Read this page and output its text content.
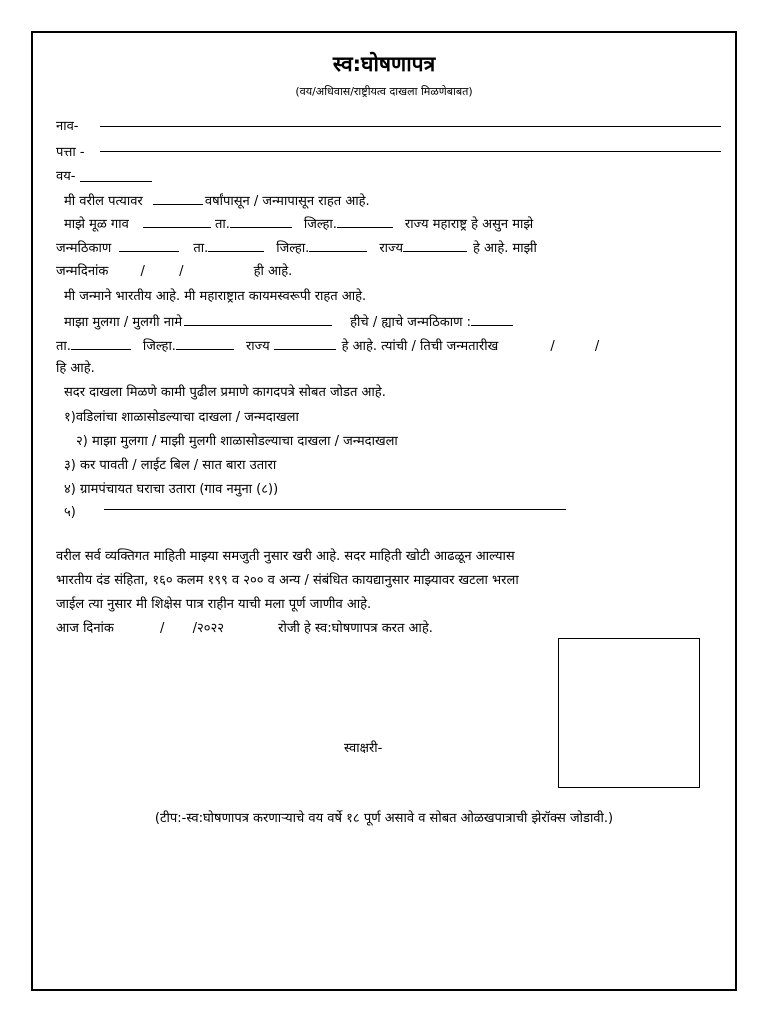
स्व:घोषणापत्र
(वय/अधिवास/राष्ट्रीयत्व दाखला मिळणेबाबत)
नाव-
पत्ता -
वय-
मी वरील पत्यावर	वर्षांपासून / जन्मापासून राहत आहे.
माझे मूळ गाव	ता.	जिल्हा.	राज्य महाराष्ट्र हे असुन माझे
जन्मठिकाण	ता.	जिल्हा.	राज्य	हे आहे. माझी
जन्मदिनांक /	/	ही आहे.
मी जन्माने भारतीय आहे. मी महाराष्ट्रात कायमस्वरूपी राहत आहे.
माझा मुलगा / मुलगी नामे	हीचे / ह्याचे जन्मठिकाण :
ता.	जिल्हा.	राज्य	हे आहे. त्यांची / तिची जन्मतारीख	/	/
हि आहे.
सदर दाखला मिळणे कामी पुढील प्रमाणे कागदपत्रे सोबत जोडत आहे.
१)वडिलांचा शाळासोडल्याचा दाखला / जन्मदाखला
२) माझा मुलगा / माझी मुलगी शाळासोडल्याचा दाखला / जन्मदाखला
३) कर पावती / लाईट बिल / सात बारा उतारा
४) ग्रामपंचायत घराचा उतारा (गाव नमुना (८))
५)
वरील सर्व व्यक्तिगत माहिती माझ्या समजुती नुसार खरी आहे. सदर माहिती खोटी आढळून आल्यास
भारतीय दंड संहिता, १६० कलम १९९ व २०० व अन्य / संबंधित कायद्यानुसार माझ्यावर खटला भरला
जाईल त्या नुसार मी शिक्षेस पात्र राहीन याची मला पूर्ण जाणीव आहे.
आज दिनांक	/ /२०२२	रोजी हे स्व:घोषणापत्र करत आहे.
स्वाक्षरी-
(टीप:-स्व:घोषणापत्र करणाऱ्याचे वय वर्षे १८ पूर्ण असावे व सोबत ओळखपात्राची झेरॉक्स जोडावी.)
